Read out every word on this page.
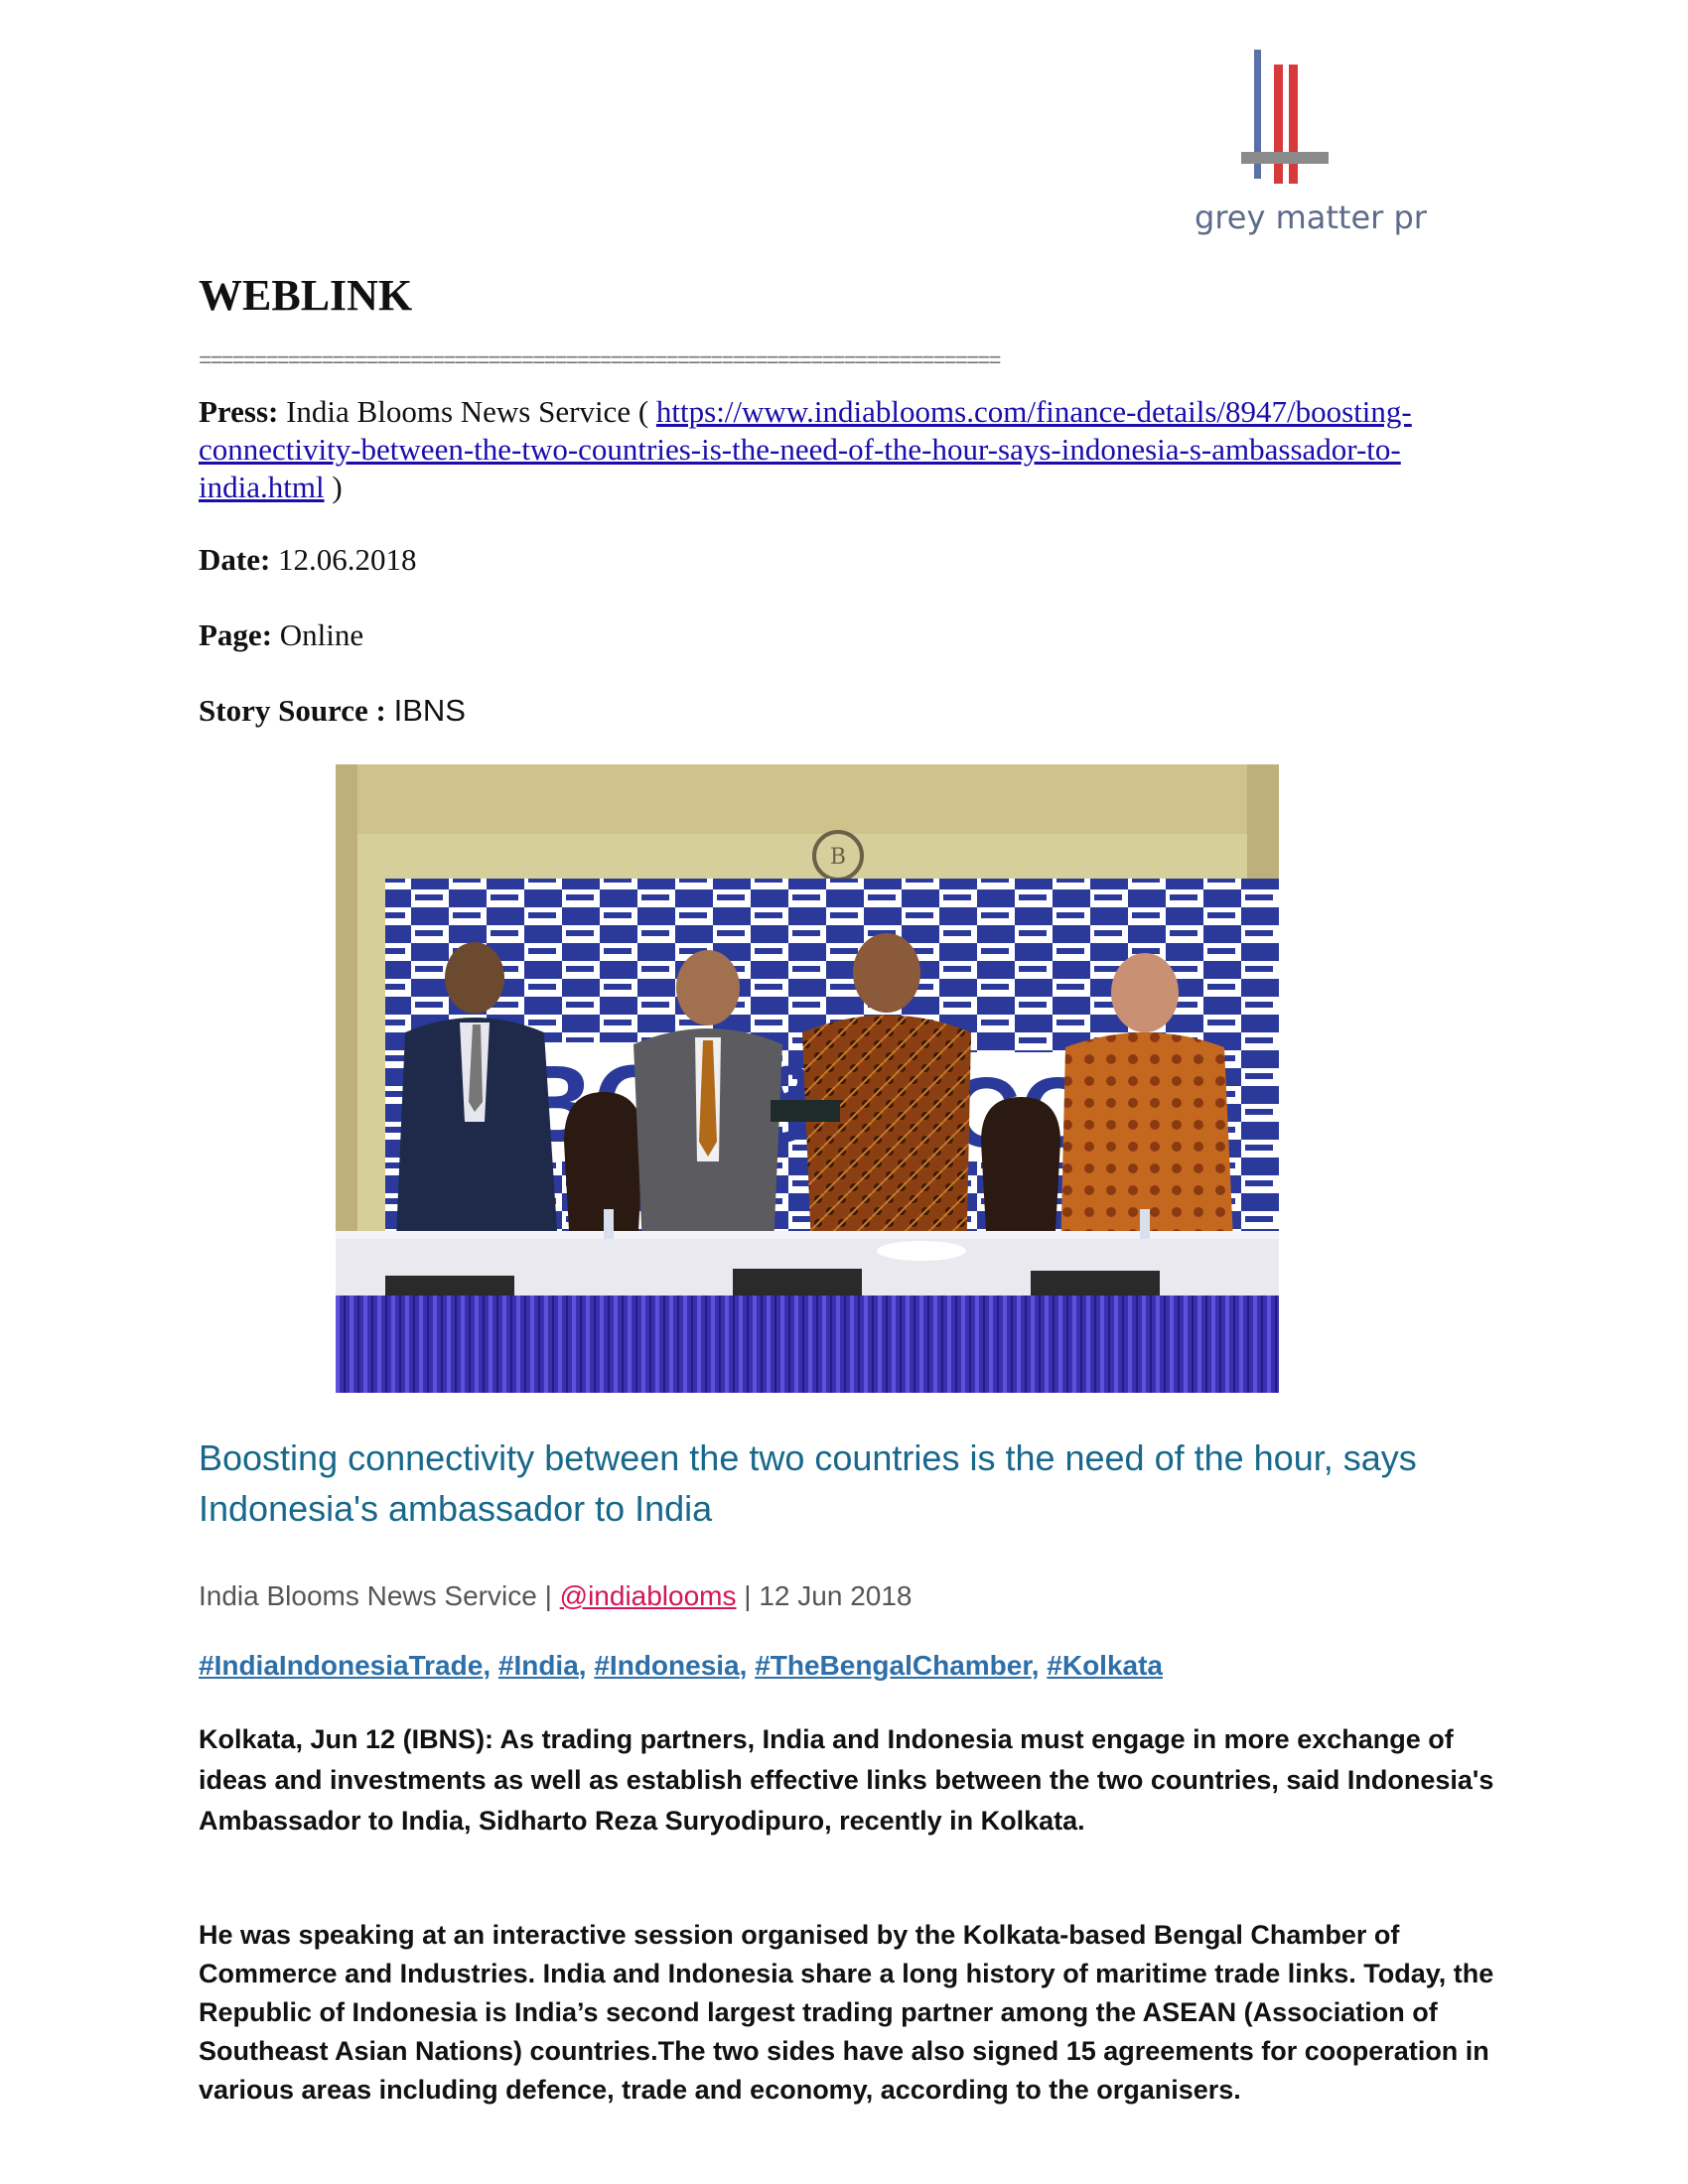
grey matter pr
WEBLINK
========================================================================
Press: India Blooms News Service ( https://www.indiablooms.com/finance-details/8947/boosting-connectivity-between-the-two-countries-is-the-need-of-the-hour-says-indonesia-s-ambassador-to-india.html )
Date: 12.06.2018
Page: Online
Story Source : IBNS
B
Boosting connectivity between the two countries is the need of the hour, says Indonesia's ambassador to India
India Blooms News Service | @indiablooms | 12 Jun 2018
#IndiaIndonesiaTrade, #India, #Indonesia, #TheBengalChamber, #Kolkata

Kolkata, Jun 12 (IBNS): As trading partners, India and Indonesia must engage in more exchange of ideas and investments as well as establish effective links between the two countries, said Indonesia's Ambassador to India, Sidharto Reza Suryodipuro, recently in Kolkata.

He was speaking at an interactive session organised by the Kolkata-based Bengal Chamber of Commerce and Industries. India and Indonesia share a long history of maritime trade links. Today, the Republic of Indonesia is India’s second largest trading partner among the ASEAN (Association of Southeast Asian Nations) countries.The two sides have also signed 15 agreements for cooperation in various areas including defence, trade and economy, according to the organisers.
